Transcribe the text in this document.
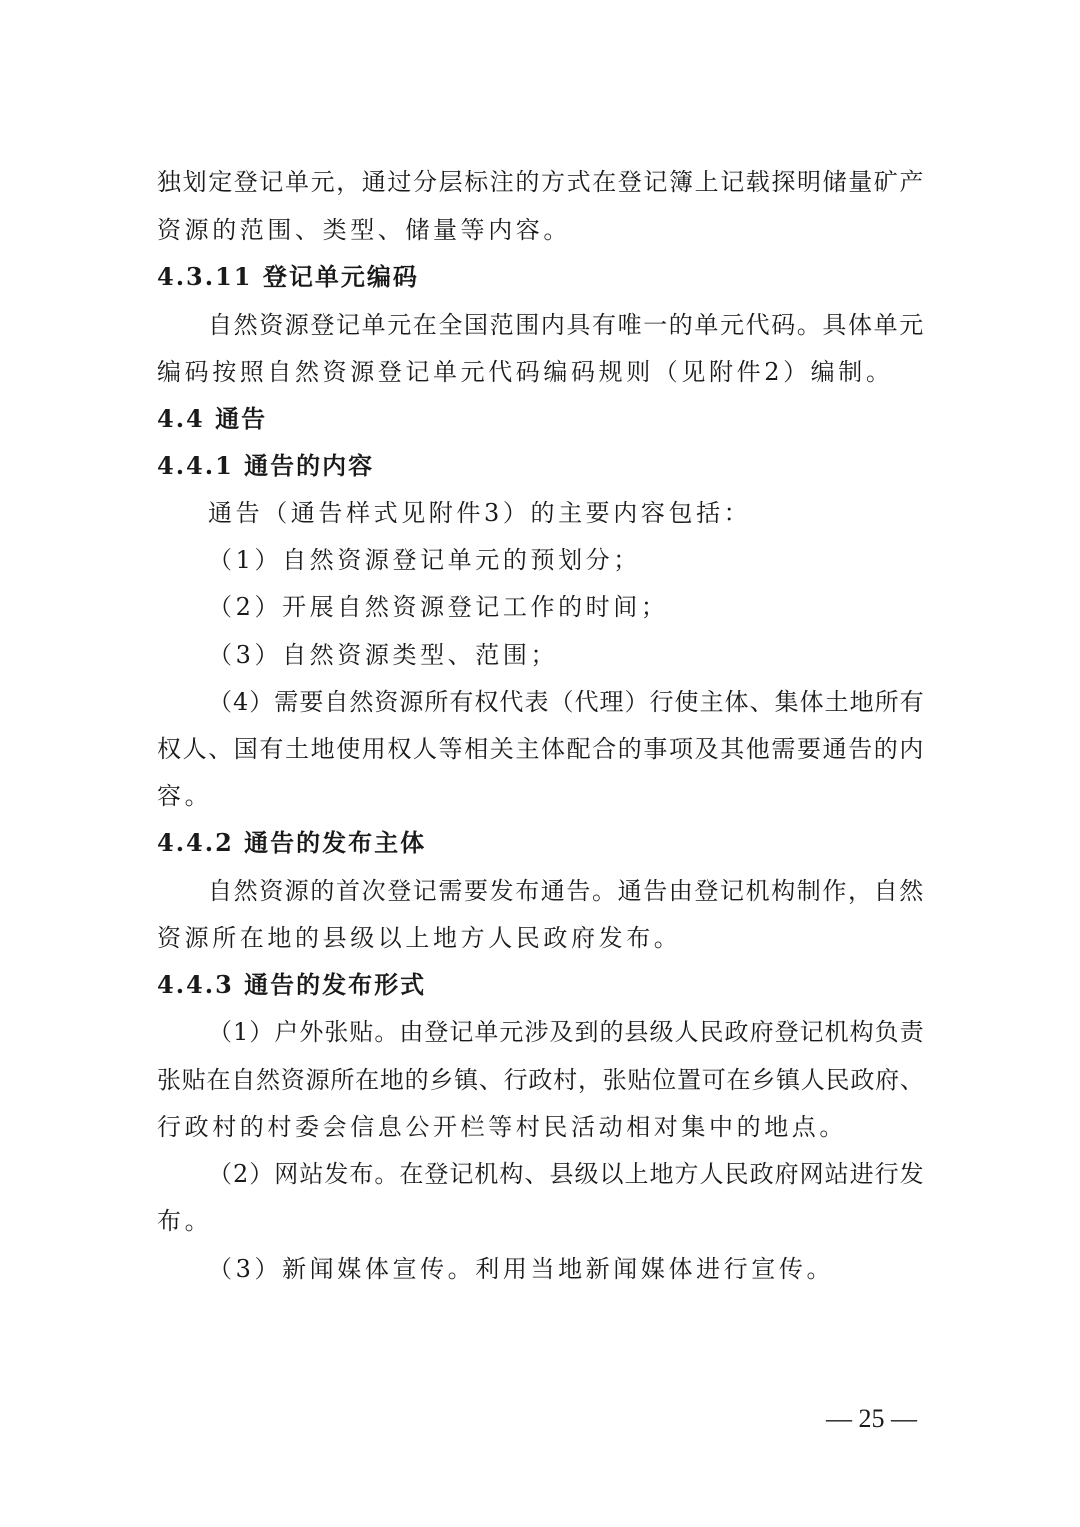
独划定登记单元，通过分层标注的方式在登记簿上记载探明储量矿产
资源的范围、类型、储量等内容。
4.3.11 登记单元编码
自然资源登记单元在全国范围内具有唯一的单元代码。具体单元
编码按照自然资源登记单元代码编码规则（见附件2）编制。
4.4 通告
4.4.1 通告的内容
通告（通告样式见附件3）的主要内容包括：
（1）自然资源登记单元的预划分；
（2）开展自然资源登记工作的时间；
（3）自然资源类型、范围；
（4）需要自然资源所有权代表（代理）行使主体、集体土地所有
权人、国有土地使用权人等相关主体配合的事项及其他需要通告的内
容。
4.4.2 通告的发布主体
自然资源的首次登记需要发布通告。通告由登记机构制作，自然
资源所在地的县级以上地方人民政府发布。
4.4.3 通告的发布形式
（1）户外张贴。由登记单元涉及到的县级人民政府登记机构负责
张贴在自然资源所在地的乡镇、行政村，张贴位置可在乡镇人民政府、
行政村的村委会信息公开栏等村民活动相对集中的地点。
（2）网站发布。在登记机构、县级以上地方人民政府网站进行发
布。
（3）新闻媒体宣传。利用当地新闻媒体进行宣传。
— 25 —
